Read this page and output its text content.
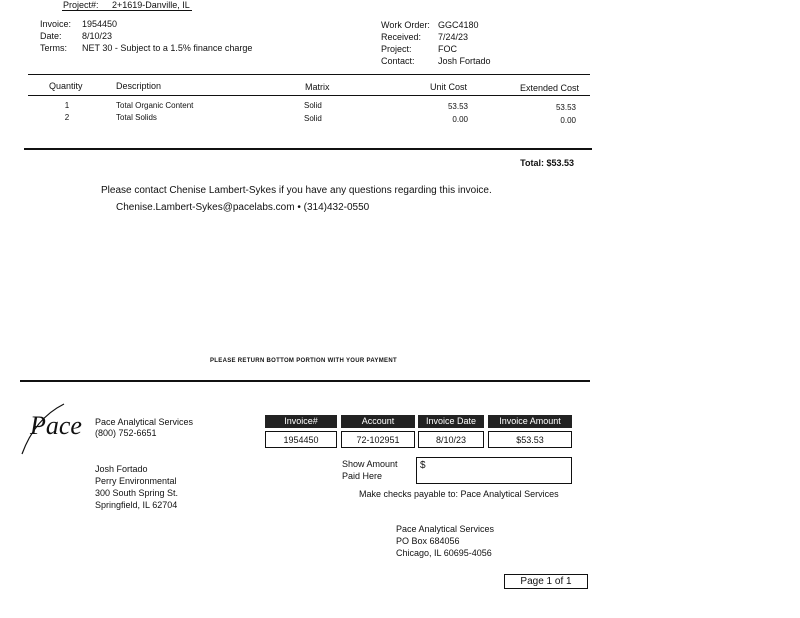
Project#: 2+1619-Danville, IL
Invoice: 1954450
Date: 8/10/23
Terms: NET 30 - Subject to a 1.5% finance charge
Work Order: GGC4180
Received: 7/24/23
Project:	FOC
Contact:	Josh Fortado
Quantity	Description	Matrix	Unit Cost	Extended Cost
1	Total Organic Content	Solid	53.53	53.53
2	Total Solids	Solid	0.00	0.00
Total: $53.53
Please contact Chenise Lambert-Sykes if you have any questions regarding this invoice.
Chenise.Lambert-Sykes@pacelabs.com • (314)432-0550
PLEASE RETURN BOTTOM PORTION WITH YOUR PAYMENT
Pace Pace Analytical Services
(800) 752-6651
Invoice#	Account	Invoice Date	Invoice Amount
1954450	72-102951	8/10/23	$53.53
Show Amount
Paid Here
$
Make checks payable to: Pace Analytical Services
Josh Fortado
Perry Environmental
300 South Spring St.
Springfield, IL 62704
Pace Analytical Services
PO Box 684056
Chicago, IL 60695-4056
Page 1 of 1
